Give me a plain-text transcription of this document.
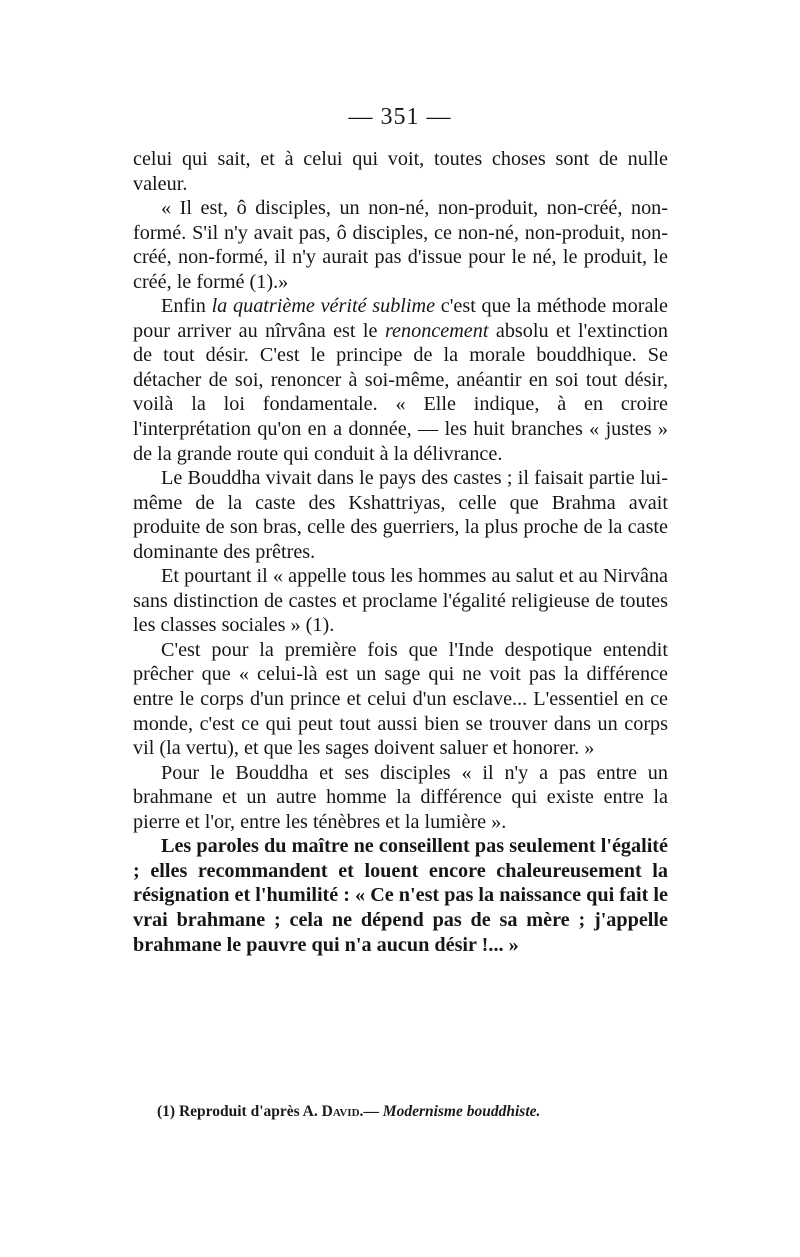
— 351 —

celui qui sait, et à celui qui voit, toutes choses sont de nulle valeur.

« Il est, ô disciples, un non-né, non-produit, non-créé, non-formé. S'il n'y avait pas, ô disciples, ce non-né, non-produit, non-créé, non-formé, il n'y aurait pas d'issue pour le né, le produit, le créé, le formé (1).»

Enfin la quatrième vérité sublime c'est que la méthode morale pour arriver au nîrvâna est le renoncement absolu et l'extinction de tout désir. C'est le principe de la morale bouddhique. Se détacher de soi, renoncer à soi-même, anéantir en soi tout désir, voilà la loi fondamentale. « Elle indique, à en croire l'interprétation qu'on en a donnée, — les huit branches « justes » de la grande route qui conduit à la délivrance.

Le Bouddha vivait dans le pays des castes ; il faisait partie lui-même de la caste des Kshattriyas, celle que Brahma avait produite de son bras, celle des guerriers, la plus proche de la caste dominante des prêtres.

Et pourtant il « appelle tous les hommes au salut et au Nirvâna sans distinction de castes et proclame l'égalité religieuse de toutes les classes sociales » (1).

C'est pour la première fois que l'Inde despotique entendit prêcher que « celui-là est un sage qui ne voit pas la différence entre le corps d'un prince et celui d'un esclave... L'essentiel en ce monde, c'est ce qui peut tout aussi bien se trouver dans un corps vil (la vertu), et que les sages doivent saluer et honorer. »

Pour le Bouddha et ses disciples « il n'y a pas entre un brahmane et un autre homme la différence qui existe entre la pierre et l'or, entre les ténèbres et la lumière ».

Les paroles du maître ne conseillent pas seulement l'égalité ; elles recommandent et louent encore chaleureusement la résignation et l'humilité : « Ce n'est pas la naissance qui fait le vrai brahmane ; cela ne dépend pas de sa mère ; j'appelle brahmane le pauvre qui n'a aucun désir !... »

(1) Reproduit d'après A. David.— Modernisme bouddhiste.
